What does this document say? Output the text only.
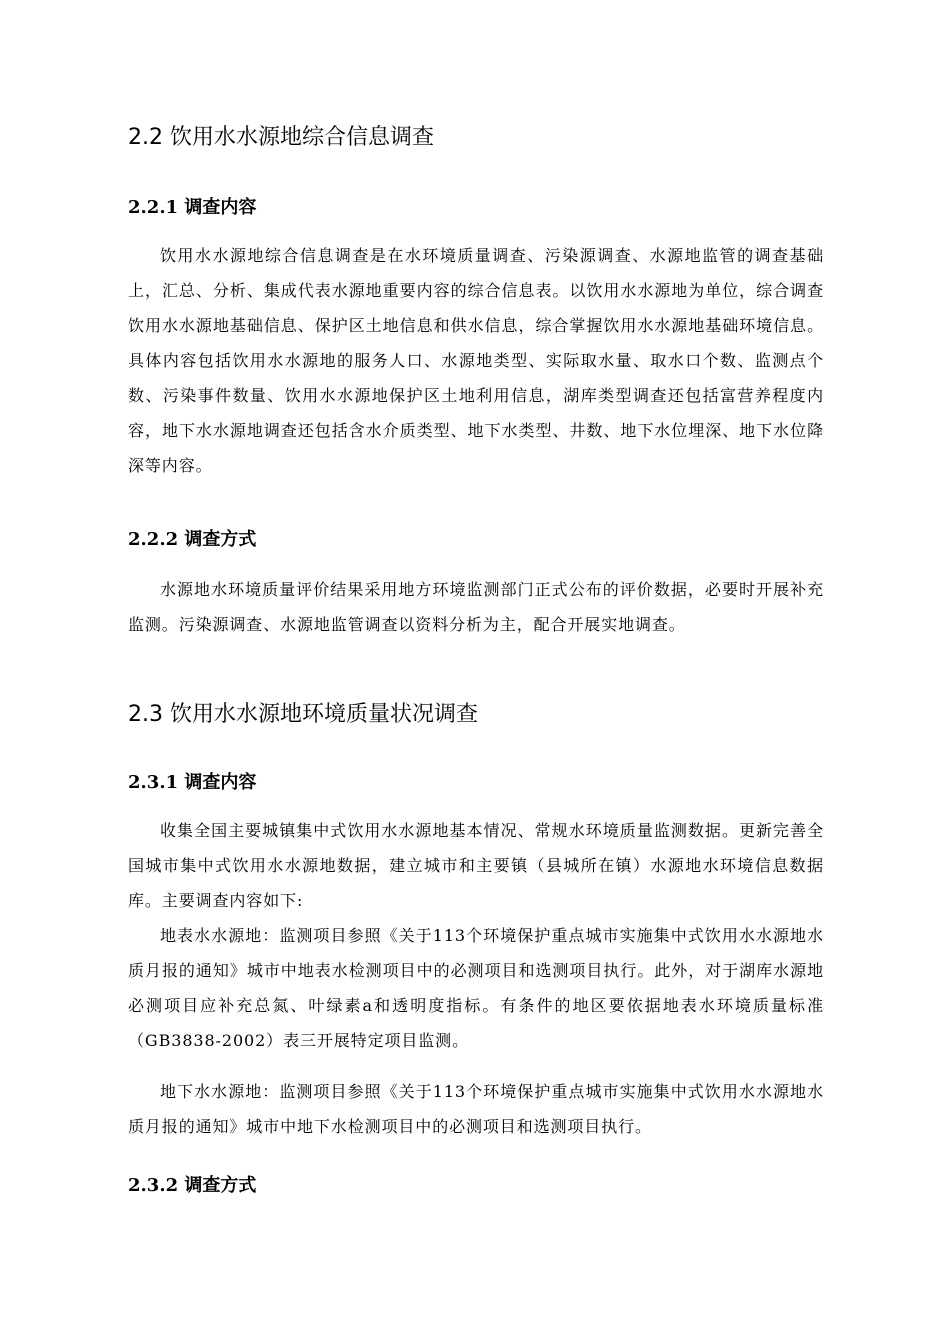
2.2 饮用水水源地综合信息调查
2.2.1 调查内容

饮用水水源地综合信息调查是在水环境质量调查、污染源调查、水源地监管的调查基础上，汇总、分析、集成代表水源地重要内容的综合信息表。以饮用水水源地为单位，综合调查饮用水水源地基础信息、保护区土地信息和供水信息，综合掌握饮用水水源地基础环境信息。具体内容包括饮用水水源地的服务人口、水源地类型、实际取水量、取水口个数、监测点个数、污染事件数量、饮用水水源地保护区土地利用信息，湖库类型调查还包括富营养程度内容，地下水水源地调查还包括含水介质类型、地下水类型、井数、地下水位埋深、地下水位降深等内容。

2.2.2 调查方式

水源地水环境质量评价结果采用地方环境监测部门正式公布的评价数据，必要时开展补充监测。污染源调查、水源地监管调查以资料分析为主，配合开展实地调查。

2.3 饮用水水源地环境质量状况调查
2.3.1 调查内容

收集全国主要城镇集中式饮用水水源地基本情况、常规水环境质量监测数据。更新完善全国城市集中式饮用水水源地数据，建立城市和主要镇（县城所在镇）水源地水环境信息数据库。主要调查内容如下:

地表水水源地：监测项目参照《关于113个环境保护重点城市实施集中式饮用水水源地水质月报的通知》城市中地表水检测项目中的必测项目和选测项目执行。此外，对于湖库水源地必测项目应补充总氮、叶绿素a和透明度指标。有条件的地区要依据地表水环境质量标准（GB3838-2002）表三开展特定项目监测。

地下水水源地：监测项目参照《关于113个环境保护重点城市实施集中式饮用水水源地水质月报的通知》城市中地下水检测项目中的必测项目和选测项目执行。

2.3.2 调查方式
